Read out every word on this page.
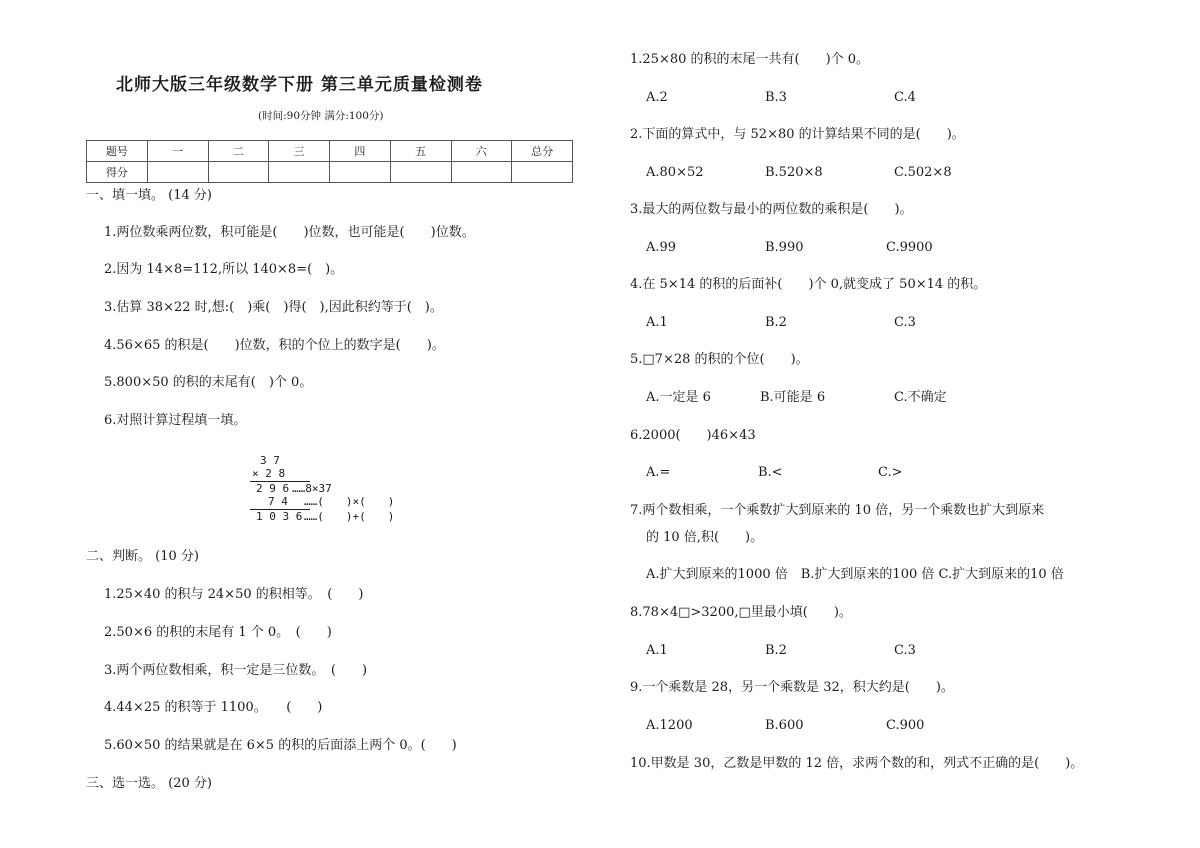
北师大版三年级数学下册 第三单元质量检测卷
(时间:90分钟 满分:100分)
题号	一	二	三	四	五	六	总分
得分							
一、填一填。 (14 分)
1.两位数乘两位数，积可能是(　　)位数，也可能是(　　)位数。
2.因为 14×8=112,所以 140×8=(　)。
3.估算 38×22 时,想:(　)乘(　)得(　),因此积约等于(　)。
4.56×65 的积是(　　)位数，积的个位上的数字是(　　)。
5.800×50 的积的末尾有(　)个 0。
6.对照计算过程填一填。
3 7
× 2 8
2 9 6 ……8×37
7 4 ……(　　)×(　　)
1 0 3 6 ……(　　)+(　　)
二、判断。 (10 分)
1.25×40 的积与 24×50 的积相等。　(　　)
2.50×6 的积的末尾有 1 个 0。　(　　)
3.两个两位数相乘，积一定是三位数。　(　　)
4.44×25 的积等于 1100。　　(　　)
5.60×50 的结果就是在 6×5 的积的后面添上两个 0。(　　)
三、选一选。 (20 分)
1.25×80 的积的末尾一共有(　　)个 0。
A.2	B.3	C.4
2.下面的算式中，与 52×80 的计算结果不同的是(　　)。
A.80×52	B.520×8	C.502×8
3.最大的两位数与最小的两位数的乘积是(　　)。
A.99	B.990	C.9900
4.在 5×14 的积的后面补(　　)个 0,就变成了 50×14 的积。
A.1	B.2	C.3
5.□7×28 的积的个位(　　)。
A.一定是 6	B.可能是 6	C.不确定
6.2000(　　)46×43
A.=	B.<	C.>
7.两个数相乘，一个乘数扩大到原来的 10 倍，另一个乘数也扩大到原来
的 10 倍,积(　　)。
A.扩大到原来的1000 倍　B.扩大到原来的100 倍 C.扩大到原来的10 倍
8.78×4□>3200,□里最小填(　　)。
A.1	B.2	C.3
9.一个乘数是 28，另一个乘数是 32，积大约是(　　)。
A.1200	B.600	C.900
10.甲数是 30，乙数是甲数的 12 倍，求两个数的和，列式不正确的是(　　)。
